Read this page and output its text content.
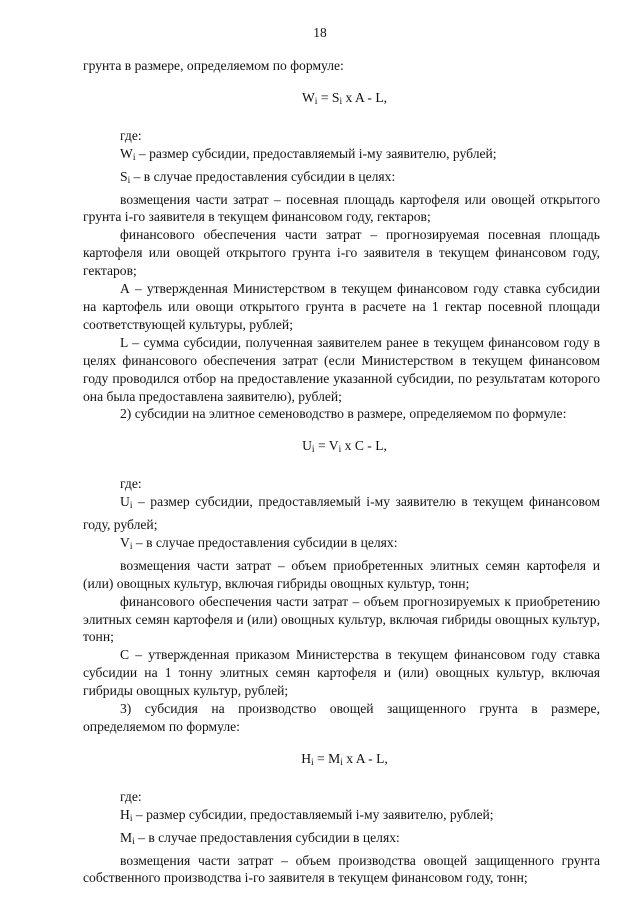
18

грунта в размере, определяемом по формуле:

$W_i = S_i$ x A - L,

где:

$W_i$ – размер субсидии, предоставляемый i-му заявителю, рублей;

$S_i$ – в случае предоставления субсидии в целях:

возмещения части затрат – посевная площадь картофеля или овощей открытого грунта i-го заявителя в текущем финансовом году, гектаров;

финансового обеспечения части затрат – прогнозируемая посевная площадь картофеля или овощей открытого грунта i-го заявителя в текущем финансовом году, гектаров;

А – утвержденная Министерством в текущем финансовом году ставка субсидии на картофель или овощи открытого грунта в расчете на 1 гектар посевной площади соответствующей культуры, рублей;

L – сумма субсидии, полученная заявителем ранее в текущем финансовом году в целях финансового обеспечения затрат (если Министерством в текущем финансовом году проводился отбор на предоставление указанной субсидии, по результатам которого она была предоставлена заявителю), рублей;

2) субсидии на элитное семеноводство в размере, определяемом по формуле:

$U_i = V_i$ x C - L,

где:

$U_i$ – размер субсидии, предоставляемый i-му заявителю в текущем финансовом году, рублей;

$V_i$ – в случае предоставления субсидии в целях:

возмещения части затрат – объем приобретенных элитных семян картофеля и (или) овощных культур, включая гибриды овощных культур, тонн;

финансового обеспечения части затрат – объем прогнозируемых к приобретению элитных семян картофеля и (или) овощных культур, включая гибриды овощных культур, тонн;

С – утвержденная приказом Министерства в текущем финансовом году ставка субсидии на 1 тонну элитных семян картофеля и (или) овощных культур, включая гибриды овощных культур, рублей;

3) субсидия на производство овощей защищенного грунта в размере, определяемом по формуле:

$H_i = M_i$ x A - L,

где:

$H_i$ – размер субсидии, предоставляемый i-му заявителю, рублей;

$M_i$ – в случае предоставления субсидии в целях:

возмещения части затрат – объем производства овощей защищенного грунта собственного производства i-го заявителя в текущем финансовом году, тонн;
